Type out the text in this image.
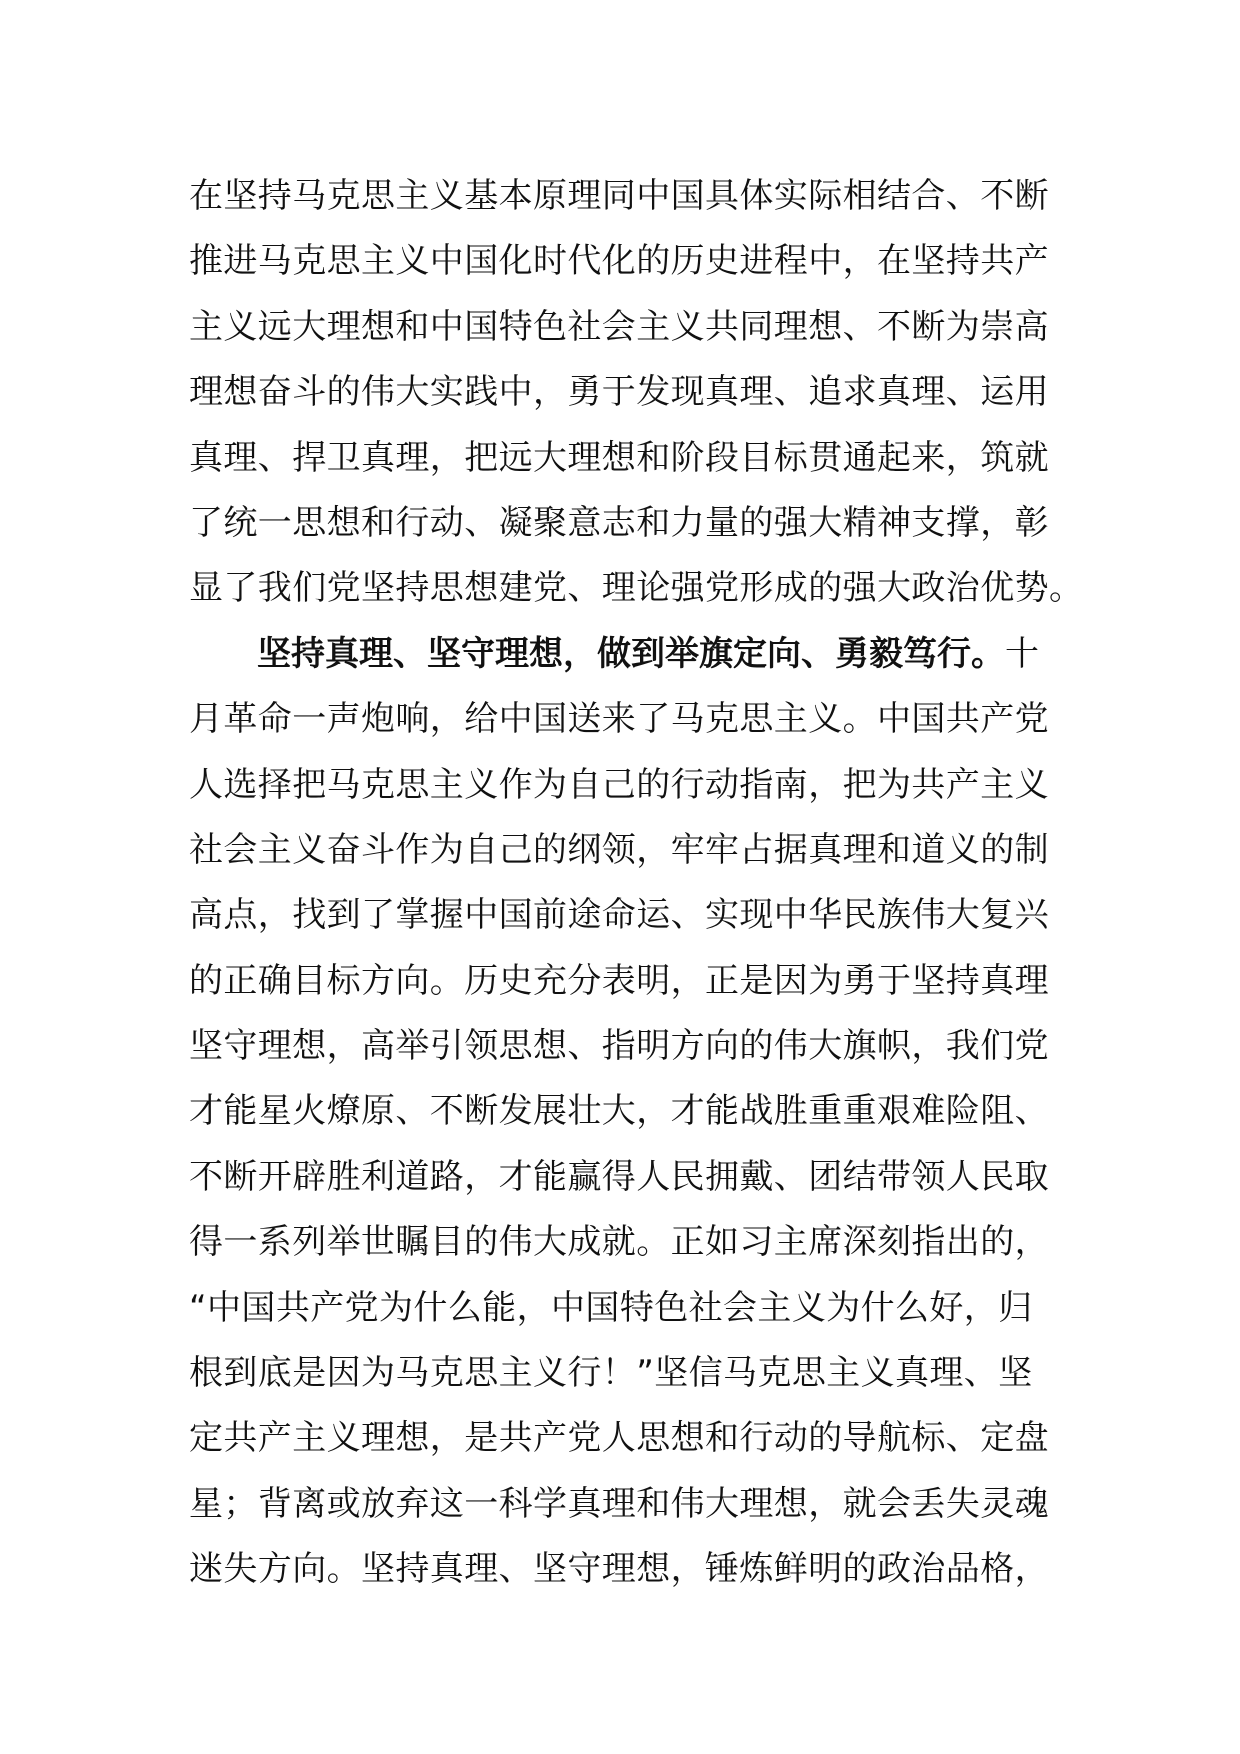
在坚持马克思主义基本原理同中国具体实际相结合、不断
推进马克思主义中国化时代化的历史进程中，在坚持共产
主义远大理想和中国特色社会主义共同理想、不断为崇高
理想奋斗的伟大实践中，勇于发现真理、追求真理、运用
真理、捍卫真理，把远大理想和阶段目标贯通起来，筑就
了统一思想和行动、凝聚意志和力量的强大精神支撑，彰
显了我们党坚持思想建党、理论强党形成的强大政治优势。
坚持真理、坚守理想，做到举旗定向、勇毅笃行。十
月革命一声炮响，给中国送来了马克思主义。中国共产党
人选择把马克思主义作为自己的行动指南，把为共产主义
社会主义奋斗作为自己的纲领，牢牢占据真理和道义的制
高点，找到了掌握中国前途命运、实现中华民族伟大复兴
的正确目标方向。历史充分表明，正是因为勇于坚持真理
坚守理想，高举引领思想、指明方向的伟大旗帜，我们党
才能星火燎原、不断发展壮大，才能战胜重重艰难险阻、
不断开辟胜利道路，才能赢得人民拥戴、团结带领人民取
得一系列举世瞩目的伟大成就。正如习主席深刻指出的，
“中国共产党为什么能，中国特色社会主义为什么好，归
根到底是因为马克思主义行！”坚信马克思主义真理、坚
定共产主义理想，是共产党人思想和行动的导航标、定盘
星；背离或放弃这一科学真理和伟大理想，就会丢失灵魂
迷失方向。坚持真理、坚守理想，锤炼鲜明的政治品格，
